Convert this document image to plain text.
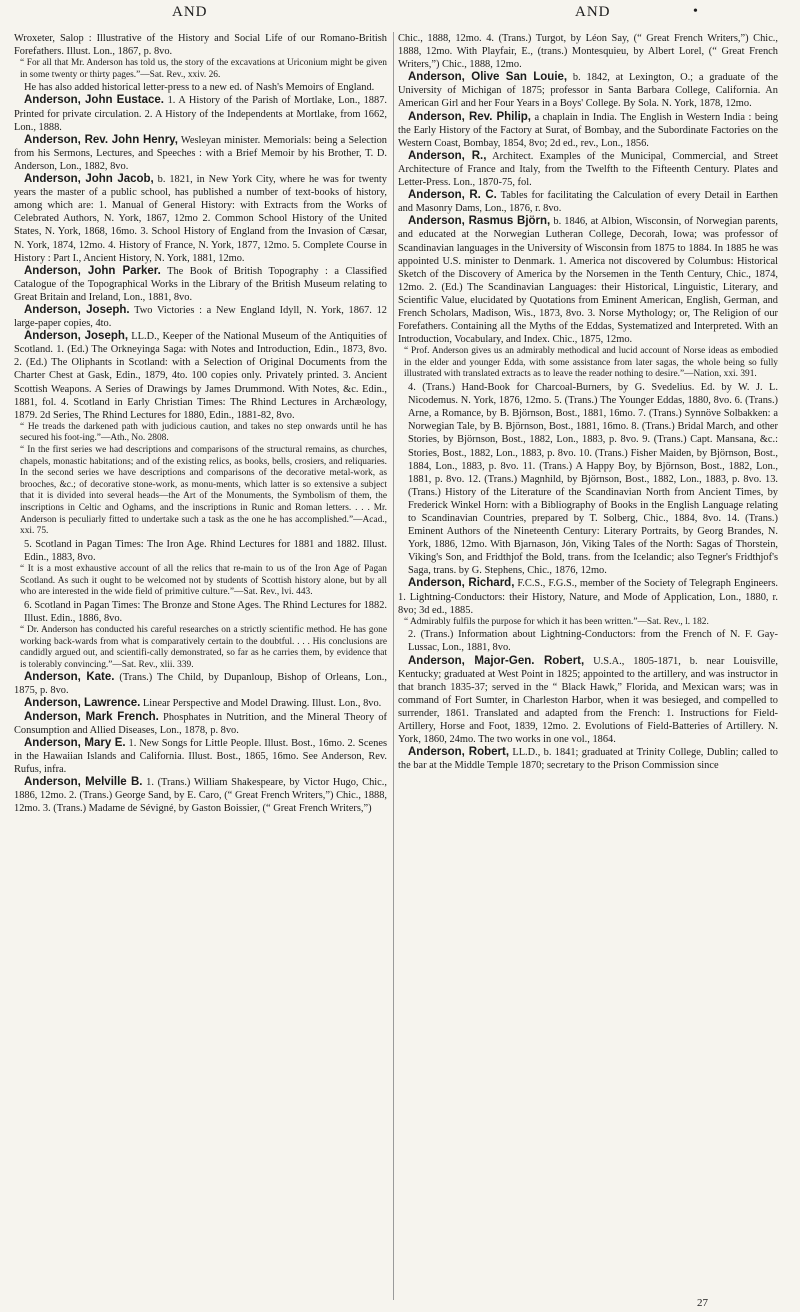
AND	AND	•

Wroxeter, Salop : Illustrative of the History and Social Life of our Romano-British Forefathers. Illust. Lon., 1867, p. 8vo.

“ For all that Mr. Anderson has told us, the story of the excavations at Uriconium might be given in some twenty or thirty pages.”—Sat. Rev., xxiv. 26.

He has also added historical letter-press to a new ed. of Nash's Memoirs of England.

Anderson, John Eustace. 1. A History of the Parish of Mortlake, Lon., 1887. Printed for private circulation. 2. A History of the Independents at Mortlake, from 1662, Lon., 1888.

Anderson, Rev. John Henry, Wesleyan minister. Memorials: being a Selection from his Sermons, Lectures, and Speeches : with a Brief Memoir by his Brother, T. D. Anderson, Lon., 1882, 8vo.

Anderson, John Jacob, b. 1821, in New York City, where he was for twenty years the master of a public school, has published a number of text-books of history, among which are: 1. Manual of General History: with Extracts from the Works of Celebrated Authors, N. York, 1867, 12mo 2. Common School History of the United States, N. York, 1868, 16mo. 3. School History of England from the Invasion of Cæsar, N. York, 1874, 12mo. 4. History of France, N. York, 1877, 12mo. 5. Complete Course in History : Part I., Ancient History, N. York, 1881, 12mo.

Anderson, John Parker. The Book of British Topography : a Classified Catalogue of the Topographical Works in the Library of the British Museum relating to Great Britain and Ireland, Lon., 1881, 8vo.

Anderson, Joseph. Two Victories : a New England Idyll, N. York, 1867. 12 large-paper copies, 4to.

Anderson, Joseph, LL.D., Keeper of the National Museum of the Antiquities of Scotland. 1. (Ed.) The Orkneyinga Saga: with Notes and Introduction, Edin., 1873, 8vo. 2. (Ed.) The Oliphants in Scotland: with a Selection of Original Documents from the Charter Chest at Gask, Edin., 1879, 4to. 100 copies only. Privately printed. 3. Ancient Scottish Weapons. A Series of Drawings by James Drummond. With Notes, &c. Edin., 1881, fol. 4. Scotland in Early Christian Times: The Rhind Lectures in Archæology, 1879. 2d Series, The Rhind Lectures for 1880, Edin., 1881-82, 8vo.

“ He treads the darkened path with judicious caution, and takes no step onwards until he has secured his foot-ing.”—Ath., No. 2808.

“ In the first series we had descriptions and comparisons of the structural remains, as churches, chapels, monastic habitations; and of the existing relics, as books, bells, crosiers, and reliquaries. In the second series we have descriptions and comparisons of the decorative metal-work, as brooches, &c.; of decorative stone-work, as monu-ments, which latter is so extensive a subject that it is divided into several heads—the Art of the Monuments, the Symbolism of them, the inscriptions in Celtic and Oghams, and the inscriptions in Runic and Roman letters. . . . Mr. Anderson is peculiarly fitted to undertake such a task as the one he has accomplished.”—Acad., xxi. 75.

5. Scotland in Pagan Times: The Iron Age. Rhind Lectures for 1881 and 1882. Illust. Edin., 1883, 8vo.

“ It is a most exhaustive account of all the relics that re-main to us of the Iron Age of Pagan Scotland. As such it ought to be welcomed not by students of Scottish history alone, but by all who are interested in the wide field of primitive culture.”—Sat. Rev., lvi. 443.

6. Scotland in Pagan Times: The Bronze and Stone Ages. The Rhind Lectures for 1882. Illust. Edin., 1886, 8vo.

“ Dr. Anderson has conducted his careful researches on a strictly scientific method. He has gone working back-wards from what is comparatively certain to the doubtful. . . . His conclusions are candidly argued out, and scientifi-cally demonstrated, so far as he carries them, by evidence that is tolerably convincing.”—Sat. Rev., xlii. 339.

Anderson, Kate. (Trans.) The Child, by Dupanloup, Bishop of Orleans, Lon., 1875, p. 8vo.

Anderson, Lawrence. Linear Perspective and Model Drawing. Illust. Lon., 8vo.

Anderson, Mark French. Phosphates in Nutrition, and the Mineral Theory of Consumption and Allied Diseases, Lon., 1878, p. 8vo.

Anderson, Mary E. 1. New Songs for Little People. Illust. Bost., 16mo. 2. Scenes in the Hawaiian Islands and California. Illust. Bost., 1865, 16mo. See Anderson, Rev. Rufus, infra.

Anderson, Melville B. 1. (Trans.) William Shakespeare, by Victor Hugo, Chic., 1886, 12mo. 2. (Trans.) George Sand, by E. Caro, (“ Great French Writers,”) Chic., 1888, 12mo. 3. (Trans.) Madame de Sévigné, by Gaston Boissier, (“ Great French Writers,”)

Chic., 1888, 12mo. 4. (Trans.) Turgot, by Léon Say, (“ Great French Writers,”) Chic., 1888, 12mo. With Playfair, E., (trans.) Montesquieu, by Albert Lorel, (“ Great French Writers,”) Chic., 1888, 12mo.

Anderson, Olive San Louie, b. 1842, at Lexington, O.; a graduate of the University of Michigan of 1875; professor in Santa Barbara College, California. An American Girl and her Four Years in a Boys' College. By Sola. N. York, 1878, 12mo.

Anderson, Rev. Philip, a chaplain in India. The English in Western India : being the Early History of the Factory at Surat, of Bombay, and the Subordinate Factories on the Western Coast, Bombay, 1854, 8vo; 2d ed., rev., Lon., 1856.

Anderson, R., Architect. Examples of the Municipal, Commercial, and Street Architecture of France and Italy, from the Twelfth to the Fifteenth Century. Plates and Letter-Press. Lon., 1870-75, fol.

Anderson, R. C. Tables for facilitating the Calculation of every Detail in Earthen and Masonry Dams, Lon., 1876, r. 8vo.

Anderson, Rasmus Björn, b. 1846, at Albion, Wisconsin, of Norwegian parents, and educated at the Norwegian Lutheran College, Decorah, Iowa; was professor of Scandinavian languages in the University of Wisconsin from 1875 to 1884. In 1885 he was appointed U.S. minister to Denmark. 1. America not discovered by Columbus: Historical Sketch of the Discovery of America by the Norsemen in the Tenth Century, Chic., 1874, 12mo. 2. (Ed.) The Scandinavian Languages: their Historical, Linguistic, Literary, and Scientific Value, elucidated by Quotations from Eminent American, English, German, and French Scholars, Madison, Wis., 1873, 8vo. 3. Norse Mythology; or, The Religion of our Forefathers. Containing all the Myths of the Eddas, Systematized and Interpreted. With an Introduction, Vocabulary, and Index. Chic., 1875, 12mo.

“ Prof. Anderson gives us an admirably methodical and lucid account of Norse ideas as embodied in the elder and younger Edda, with some assistance from later sagas, the whole being so fully illustrated with translated extracts as to leave the reader nothing to desire.”—Nation, xxi. 391.

4. (Trans.) Hand-Book for Charcoal-Burners, by G. Svedelius. Ed. by W. J. L. Nicodemus. N. York, 1876, 12mo. 5. (Trans.) The Younger Eddas, 1880, 8vo. 6. (Trans.) Arne, a Romance, by B. Björnson, Bost., 1881, 16mo. 7. (Trans.) Synnöve Solbakken: a Norwegian Tale, by B. Björnson, Bost., 1881, 16mo. 8. (Trans.) Bridal March, and other Stories, by Björnson, Bost., 1882, Lon., 1883, p. 8vo. 9. (Trans.) Capt. Mansana, &c.: Stories, Bost., 1882, Lon., 1883, p. 8vo. 10. (Trans.) Fisher Maiden, by Björnson, Bost., 1884, Lon., 1883, p. 8vo. 11. (Trans.) A Happy Boy, by Björnson, Bost., 1882, Lon., 1881, p. 8vo. 12. (Trans.) Magnhild, by Björnson, Bost., 1882, Lon., 1883, p. 8vo. 13. (Trans.) History of the Literature of the Scandinavian North from Ancient Times, by Frederick Winkel Horn: with a Bibliography of Books in the English Language relating to Scandinavian Countries, prepared by T. Solberg, Chic., 1884, 8vo. 14. (Trans.) Eminent Authors of the Nineteenth Century: Literary Portraits, by Georg Brandes, N. York, 1886, 12mo. With Bjarnason, Jón, Viking Tales of the North: Sagas of Thorstein, Viking's Son, and Fridthjof the Bold, trans. from the Icelandic; also Tegner's Fridthjof's Saga, trans. by G. Stephens, Chic., 1876, 12mo.

Anderson, Richard, F.C.S., F.G.S., member of the Society of Telegraph Engineers. 1. Lightning-Conductors: their History, Nature, and Mode of Application, Lon., 1880, r. 8vo; 3d ed., 1885.

“ Admirably fulfils the purpose for which it has been written.”—Sat. Rev., l. 182.

2. (Trans.) Information about Lightning-Conductors: from the French of N. F. Gay-Lussac, Lon., 1881, 8vo.

Anderson, Major-Gen. Robert, U.S.A., 1805-1871, b. near Louisville, Kentucky; graduated at West Point in 1825; appointed to the artillery, and was instructor in that branch 1835-37; served in the “ Black Hawk,” Florida, and Mexican wars; was in command of Fort Sumter, in Charleston Harbor, when it was besieged, and compelled to surrender, 1861. Translated and adapted from the French: 1. Instructions for Field-Artillery, Horse and Foot, 1839, 12mo. 2. Evolutions of Field-Batteries of Artillery. N. York, 1860, 24mo. The two works in one vol., 1864.

Anderson, Robert, LL.D., b. 1841; graduated at Trinity College, Dublin; called to the bar at the Middle Temple 1870; secretary to the Prison Commission since

27
